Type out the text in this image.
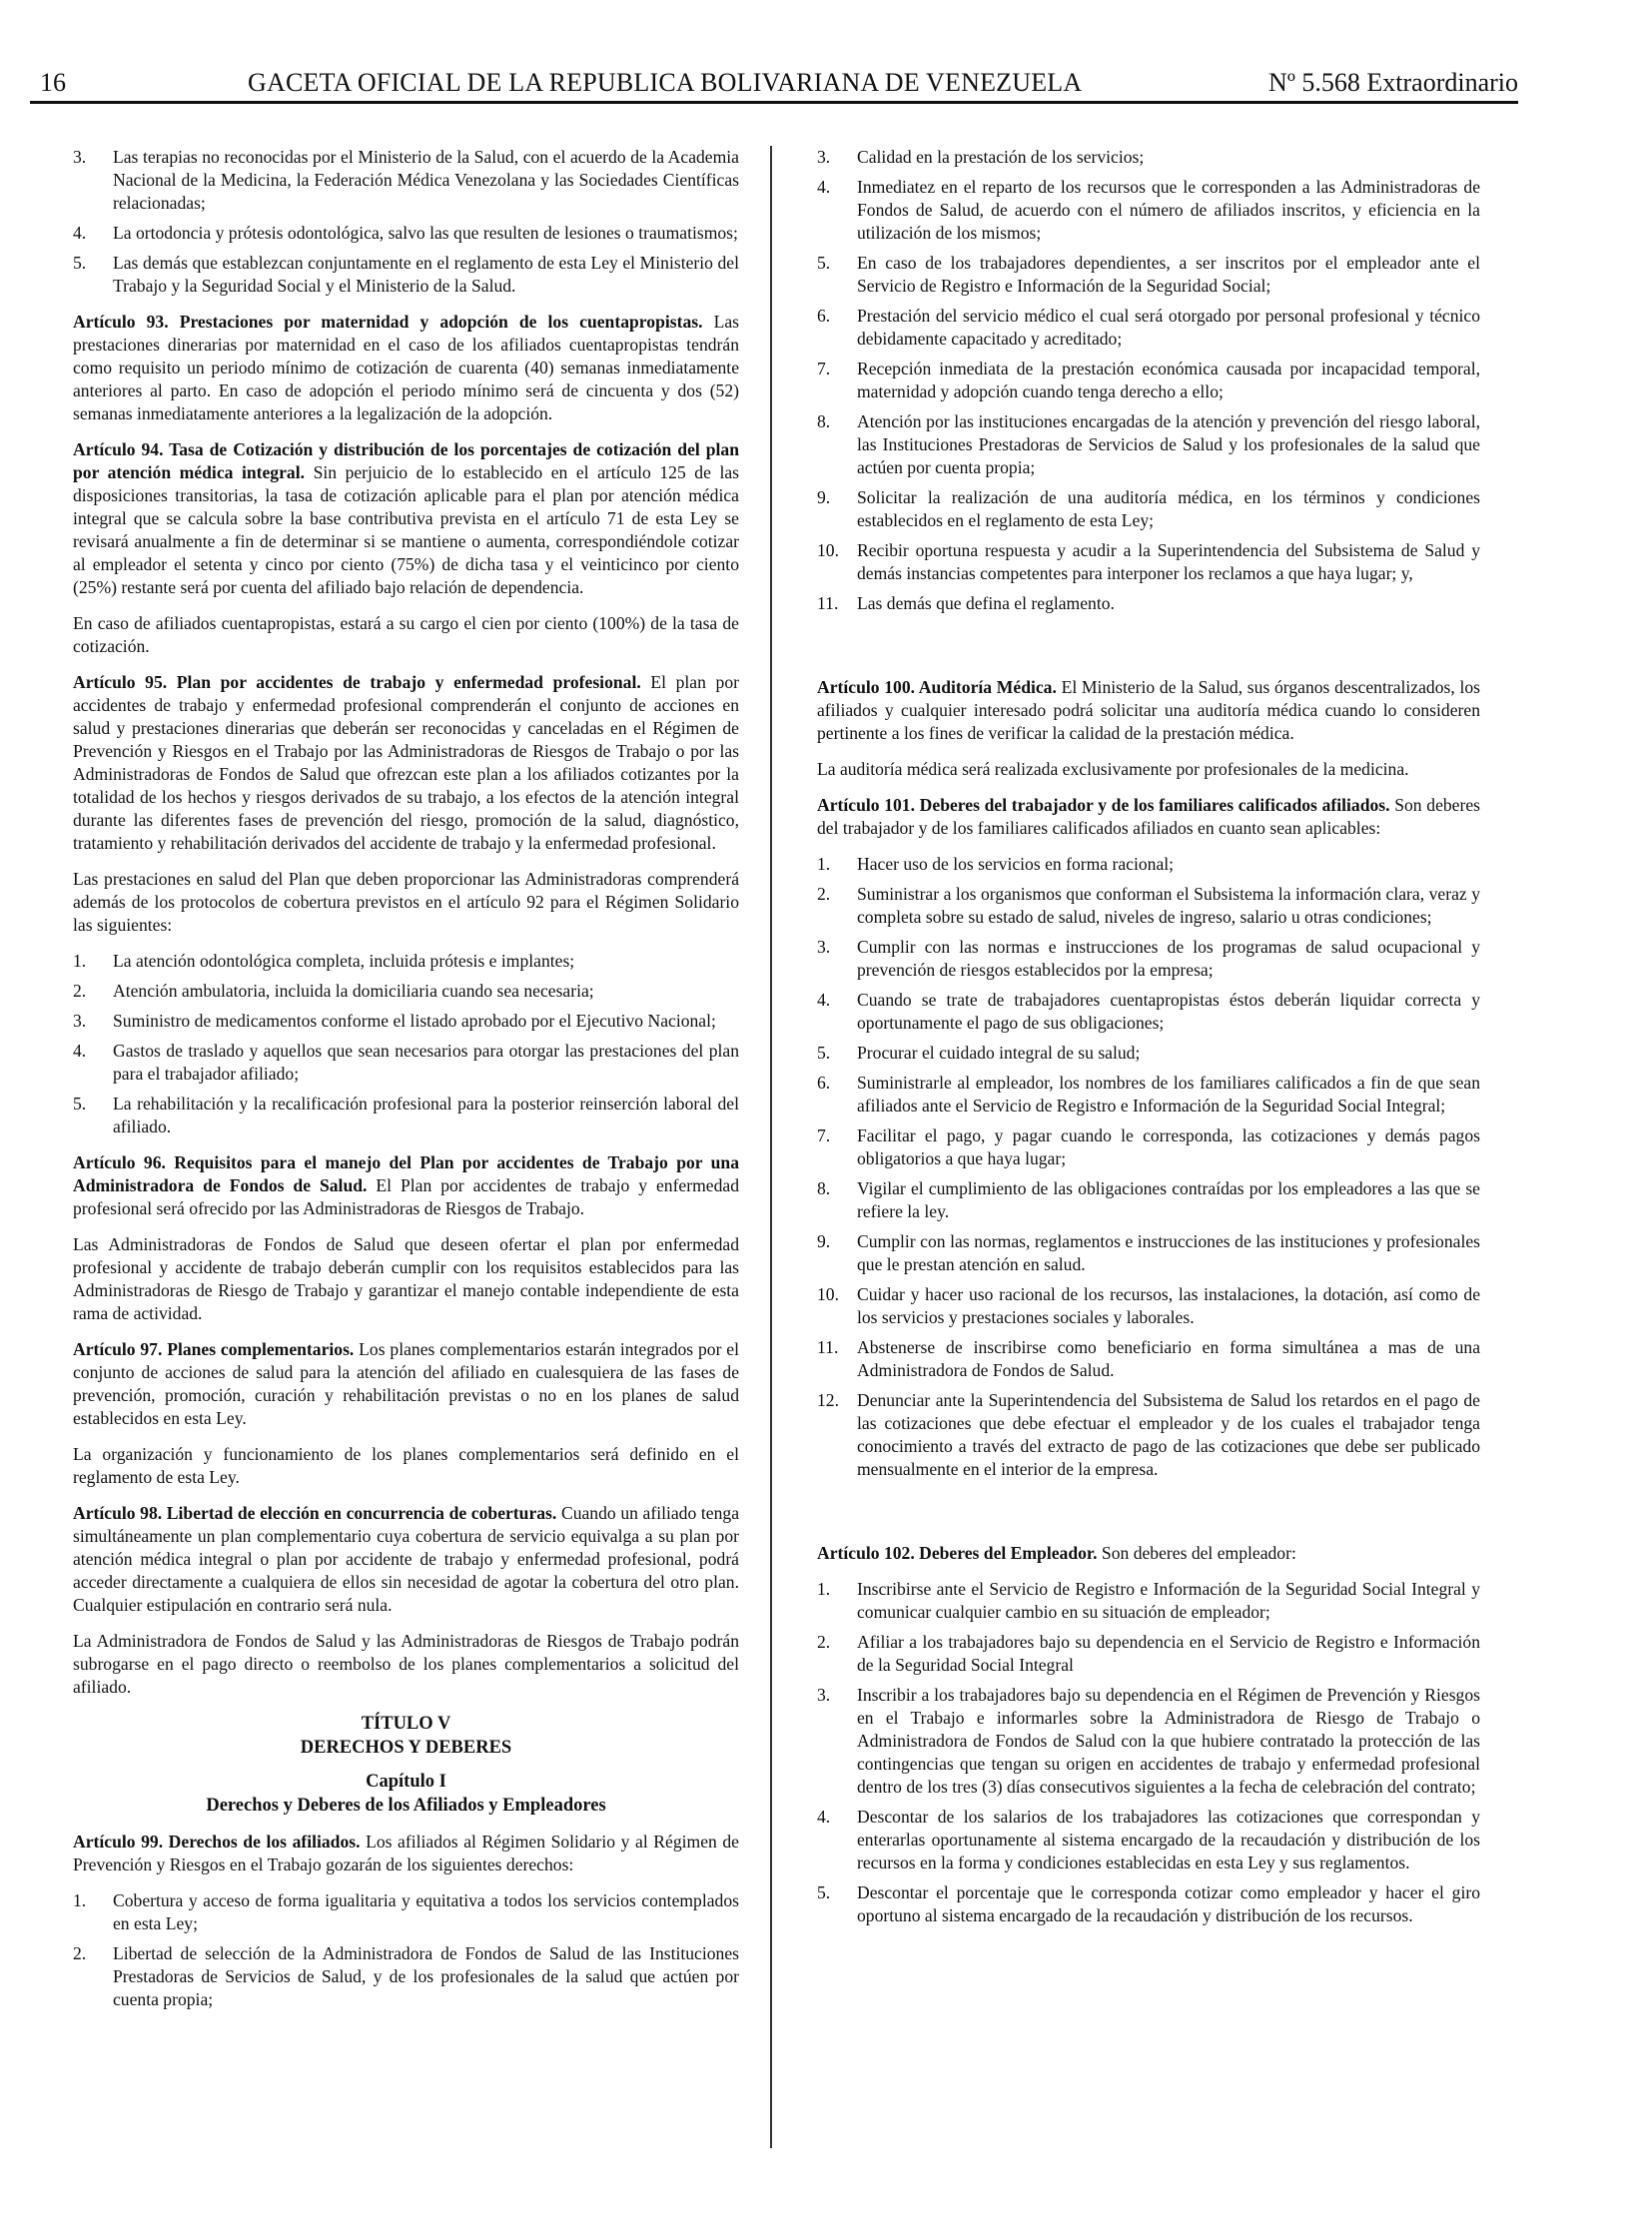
16	GACETA OFICIAL DE LA REPUBLICA BOLIVARIANA DE VENEZUELA	Nº 5.568 Extraordinario
3. Las terapias no reconocidas por el Ministerio de la Salud, con el acuerdo de la Academia Nacional de la Medicina, la Federación Médica Venezolana y las Sociedades Científicas relacionadas;
4. La ortodoncia y prótesis odontológica, salvo las que resulten de lesiones o traumatismos;
5. Las demás que establezcan conjuntamente en el reglamento de esta Ley el Ministerio del Trabajo y la Seguridad Social y el Ministerio de la Salud.

Artículo 93. Prestaciones por maternidad y adopción de los cuentapropistas. Las prestaciones dinerarias por maternidad en el caso de los afiliados cuentapropistas tendrán como requisito un periodo mínimo de cotización de cuarenta (40) semanas inmediatamente anteriores al parto. En caso de adopción el periodo mínimo será de cincuenta y dos (52) semanas inmediatamente anteriores a la legalización de la adopción.

Artículo 94. Tasa de Cotización y distribución de los porcentajes de cotización del plan por atención médica integral. Sin perjuicio de lo establecido en el artículo 125 de las disposiciones transitorias, la tasa de cotización aplicable para el plan por atención médica integral que se calcula sobre la base contributiva prevista en el artículo 71 de esta Ley se revisará anualmente a fin de determinar si se mantiene o aumenta, correspondiéndole cotizar al empleador el setenta y cinco por ciento (75%) de dicha tasa y el veinticinco por ciento (25%) restante será por cuenta del afiliado bajo relación de dependencia.

En caso de afiliados cuentapropistas, estará a su cargo el cien por ciento (100%) de la tasa de cotización.

Artículo 95. Plan por accidentes de trabajo y enfermedad profesional. El plan por accidentes de trabajo y enfermedad profesional comprenderán el conjunto de acciones en salud y prestaciones dinerarias que deberán ser reconocidas y canceladas en el Régimen de Prevención y Riesgos en el Trabajo por las Administradoras de Riesgos de Trabajo o por las Administradoras de Fondos de Salud que ofrezcan este plan a los afiliados cotizantes por la totalidad de los hechos y riesgos derivados de su trabajo, a los efectos de la atención integral durante las diferentes fases de prevención del riesgo, promoción de la salud, diagnóstico, tratamiento y rehabilitación derivados del accidente de trabajo y la enfermedad profesional.

Las prestaciones en salud del Plan que deben proporcionar las Administradoras comprenderá además de los protocolos de cobertura previstos en el artículo 92 para el Régimen Solidario las siguientes:

1. La atención odontológica completa, incluida prótesis e implantes;
2. Atención ambulatoria, incluida la domiciliaria cuando sea necesaria;
3. Suministro de medicamentos conforme el listado aprobado por el Ejecutivo Nacional;
4. Gastos de traslado y aquellos que sean necesarios para otorgar las prestaciones del plan para el trabajador afiliado;
5. La rehabilitación y la recalificación profesional para la posterior reinserción laboral del afiliado.

Artículo 96. Requisitos para el manejo del Plan por accidentes de Trabajo por una Administradora de Fondos de Salud. El Plan por accidentes de trabajo y enfermedad profesional será ofrecido por las Administradoras de Riesgos de Trabajo.

Las Administradoras de Fondos de Salud que deseen ofertar el plan por enfermedad profesional y accidente de trabajo deberán cumplir con los requisitos establecidos para las Administradoras de Riesgo de Trabajo y garantizar el manejo contable independiente de esta rama de actividad.

Artículo 97. Planes complementarios. Los planes complementarios estarán integrados por el conjunto de acciones de salud para la atención del afiliado en cualesquiera de las fases de prevención, promoción, curación y rehabilitación previstas o no en los planes de salud establecidos en esta Ley.

La organización y funcionamiento de los planes complementarios será definido en el reglamento de esta Ley.

Artículo 98. Libertad de elección en concurrencia de coberturas. Cuando un afiliado tenga simultáneamente un plan complementario cuya cobertura de servicio equivalga a su plan por atención médica integral o plan por accidente de trabajo y enfermedad profesional, podrá acceder directamente a cualquiera de ellos sin necesidad de agotar la cobertura del otro plan. Cualquier estipulación en contrario será nula.

La Administradora de Fondos de Salud y las Administradoras de Riesgos de Trabajo podrán subrogarse en el pago directo o reembolso de los planes complementarios a solicitud del afiliado.

TÍTULO V

DERECHOS Y DEBERES

Capítulo I

Derechos y Deberes de los Afiliados y Empleadores

Artículo 99. Derechos de los afiliados. Los afiliados al Régimen Solidario y al Régimen de Prevención y Riesgos en el Trabajo gozarán de los siguientes derechos:

1. Cobertura y acceso de forma igualitaria y equitativa a todos los servicios contemplados en esta Ley;
2. Libertad de selección de la Administradora de Fondos de Salud de las Instituciones Prestadoras de Servicios de Salud, y de los profesionales de la salud que actúen por cuenta propia;
3. Calidad en la prestación de los servicios;
4. Inmediatez en el reparto de los recursos que le corresponden a las Administradoras de Fondos de Salud, de acuerdo con el número de afiliados inscritos, y eficiencia en la utilización de los mismos;
5. En caso de los trabajadores dependientes, a ser inscritos por el empleador ante el Servicio de Registro e Información de la Seguridad Social;
6. Prestación del servicio médico el cual será otorgado por personal profesional y técnico debidamente capacitado y acreditado;
7. Recepción inmediata de la prestación económica causada por incapacidad temporal, maternidad y adopción cuando tenga derecho a ello;
8. Atención por las instituciones encargadas de la atención y prevención del riesgo laboral, las Instituciones Prestadoras de Servicios de Salud y los profesionales de la salud que actúen por cuenta propia;
9. Solicitar la realización de una auditoría médica, en los términos y condiciones establecidos en el reglamento de esta Ley;
10. Recibir oportuna respuesta y acudir a la Superintendencia del Subsistema de Salud y demás instancias competentes para interponer los reclamos a que haya lugar; y,
11. Las demás que defina el reglamento.

Artículo 100. Auditoría Médica. El Ministerio de la Salud, sus órganos descentralizados, los afiliados y cualquier interesado podrá solicitar una auditoría médica cuando lo consideren pertinente a los fines de verificar la calidad de la prestación médica.

La auditoría médica será realizada exclusivamente por profesionales de la medicina.

Artículo 101. Deberes del trabajador y de los familiares calificados afiliados. Son deberes del trabajador y de los familiares calificados afiliados en cuanto sean aplicables:

1. Hacer uso de los servicios en forma racional;
2. Suministrar a los organismos que conforman el Subsistema la información clara, veraz y completa sobre su estado de salud, niveles de ingreso, salario u otras condiciones;
3. Cumplir con las normas e instrucciones de los programas de salud ocupacional y prevención de riesgos establecidos por la empresa;
4. Cuando se trate de trabajadores cuentapropistas éstos deberán liquidar correcta y oportunamente el pago de sus obligaciones;
5. Procurar el cuidado integral de su salud;
6. Suministrarle al empleador, los nombres de los familiares calificados a fin de que sean afiliados ante el Servicio de Registro e Información de la Seguridad Social Integral;
7. Facilitar el pago, y pagar cuando le corresponda, las cotizaciones y demás pagos obligatorios a que haya lugar;
8. Vigilar el cumplimiento de las obligaciones contraídas por los empleadores a las que se refiere la ley.
9. Cumplir con las normas, reglamentos e instrucciones de las instituciones y profesionales que le prestan atención en salud.
10. Cuidar y hacer uso racional de los recursos, las instalaciones, la dotación, así como de los servicios y prestaciones sociales y laborales.
11. Abstenerse de inscribirse como beneficiario en forma simultánea a mas de una Administradora de Fondos de Salud.
12. Denunciar ante la Superintendencia del Subsistema de Salud los retardos en el pago de las cotizaciones que debe efectuar el empleador y de los cuales el trabajador tenga conocimiento a través del extracto de pago de las cotizaciones que debe ser publicado mensualmente en el interior de la empresa.

Artículo 102. Deberes del Empleador. Son deberes del empleador:

1. Inscribirse ante el Servicio de Registro e Información de la Seguridad Social Integral y comunicar cualquier cambio en su situación de empleador;
2. Afiliar a los trabajadores bajo su dependencia en el Servicio de Registro e Información de la Seguridad Social Integral
3. Inscribir a los trabajadores bajo su dependencia en el Régimen de Prevención y Riesgos en el Trabajo e informarles sobre la Administradora de Riesgo de Trabajo o Administradora de Fondos de Salud con la que hubiere contratado la protección de las contingencias que tengan su origen en accidentes de trabajo y enfermedad profesional dentro de los tres (3) días consecutivos siguientes a la fecha de celebración del contrato;
4. Descontar de los salarios de los trabajadores las cotizaciones que correspondan y enterarlas oportunamente al sistema encargado de la recaudación y distribución de los recursos en la forma y condiciones establecidas en esta Ley y sus reglamentos.
5. Descontar el porcentaje que le corresponda cotizar como empleador y hacer el giro oportuno al sistema encargado de la recaudación y distribución de los recursos.
